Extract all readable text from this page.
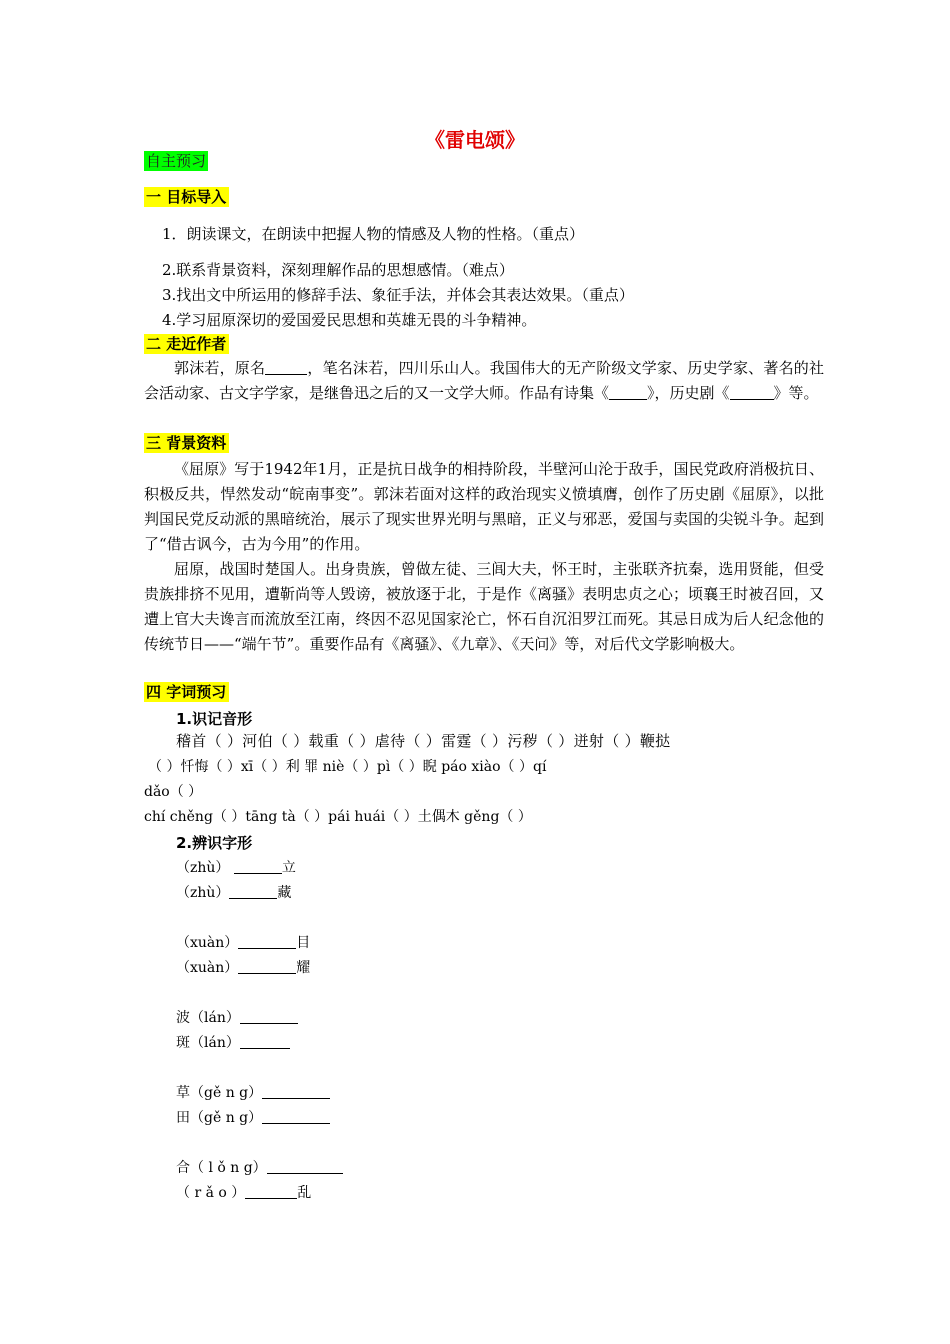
《雷电颂》
自主预习
一 目标导入
1．朗读课文，在朗读中把握人物的情感及人物的性格。（重点）
2.联系背景资料，深刻理解作品的思想感情。（难点）
3.找出文中所运用的修辞手法、象征手法，并体会其表达效果。（重点）
4.学习屈原深切的爱国爱民思想和英雄无畏的斗争精神。
二 走近作者
郭沫若，原名	，笔名沫若，四川乐山人。我国伟大的无产阶级文学家、历史学家、著名的社会活动家、古文字学家，是继鲁迅之后的又一文学大师。作品有诗集《	》，历史剧《	》等。
三 背景资料
《屈原》写于1942年1月，正是抗日战争的相持阶段，半壁河山沦于敌手，国民党政府消极抗日、积极反共，悍然发动“皖南事变”。郭沫若面对这样的政治现实义愤填膺，创作了历史剧《屈原》，以批判国民党反动派的黑暗统治，展示了现实世界光明与黑暗，正义与邪恶，爱国与卖国的尖锐斗争。起到了“借古讽今，古为今用”的作用。
屈原，战国时楚国人。出身贵族，曾做左徒、三闾大夫，怀王时，主张联齐抗秦，选用贤能，但受贵族排挤不见用，遭靳尚等人毁谤，被放逐于北，于是作《离骚》表明忠贞之心；顷襄王时被召回，又遭上官大夫谗言而流放至江南，终因不忍见国家沦亡，怀石自沉汨罗江而死。其忌日成为后人纪念他的传统节日——“端午节”。重要作品有《离骚》、《九章》、《天问》等，对后代文学影响极大。
四 字词预习
1.识记音形
稽首（ ）河伯（ ）载重（ ）虐待（ ）雷霆（ ）污秽（ ）迸射（ ）鞭挞
（ ）忏悔（ ）xī（ ）利 罪 niè（ ）pì（ ）睨 páo xiào（ ）qí
dǎo（ ）
chí chěng（ ）tāng tà（ ）pái huái（ ）土偶木 gěng（ ）
2.辨识字形
（zhù）	立
（zhù）	藏
（xuàn）	目
（xuàn）	耀
波（lán）
斑（lán）
草（gě n g）
田（gě n g）
合（ l ǒ n g）
（ r ǎ o ）	乱
